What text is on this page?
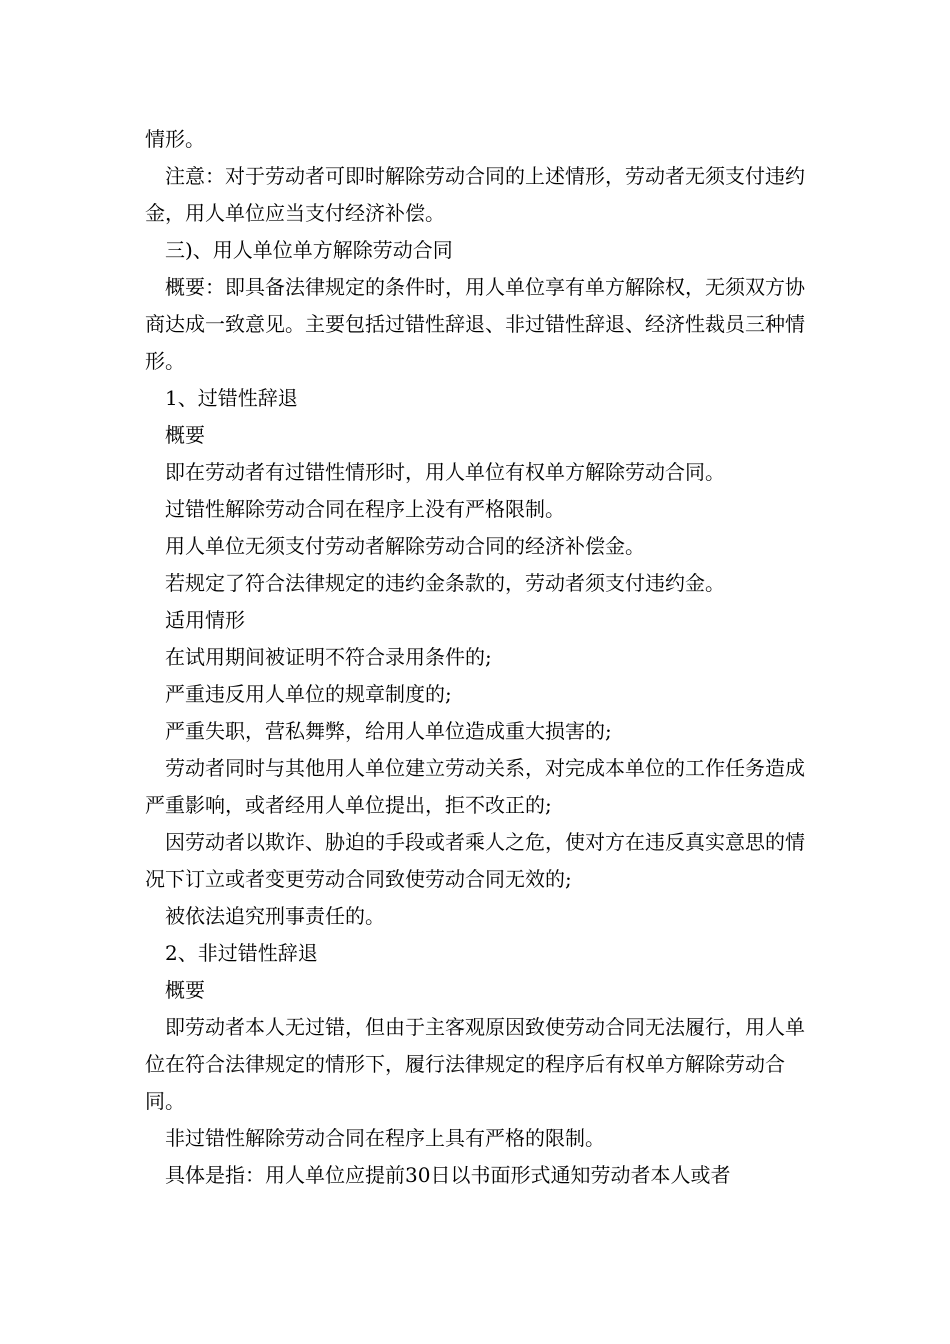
情形。

注意：对于劳动者可即时解除劳动合同的上述情形，劳动者无须支付违约金，用人单位应当支付经济补偿。

三)、用人单位单方解除劳动合同

概要：即具备法律规定的条件时，用人单位享有单方解除权，无须双方协商达成一致意见。主要包括过错性辞退、非过错性辞退、经济性裁员三种情形。

1、过错性辞退

概要

即在劳动者有过错性情形时，用人单位有权单方解除劳动合同。

过错性解除劳动合同在程序上没有严格限制。

用人单位无须支付劳动者解除劳动合同的经济补偿金。

若规定了符合法律规定的违约金条款的，劳动者须支付违约金。

适用情形

在试用期间被证明不符合录用条件的;

严重违反用人单位的规章制度的;

严重失职，营私舞弊，给用人单位造成重大损害的;

劳动者同时与其他用人单位建立劳动关系，对完成本单位的工作任务造成严重影响，或者经用人单位提出，拒不改正的;

因劳动者以欺诈、胁迫的手段或者乘人之危，使对方在违反真实意思的情况下订立或者变更劳动合同致使劳动合同无效的;

被依法追究刑事责任的。

2、非过错性辞退

概要

即劳动者本人无过错，但由于主客观原因致使劳动合同无法履行，用人单位在符合法律规定的情形下，履行法律规定的程序后有权单方解除劳动合同。

非过错性解除劳动合同在程序上具有严格的限制。

具体是指：用人单位应提前30日以书面形式通知劳动者本人或者
